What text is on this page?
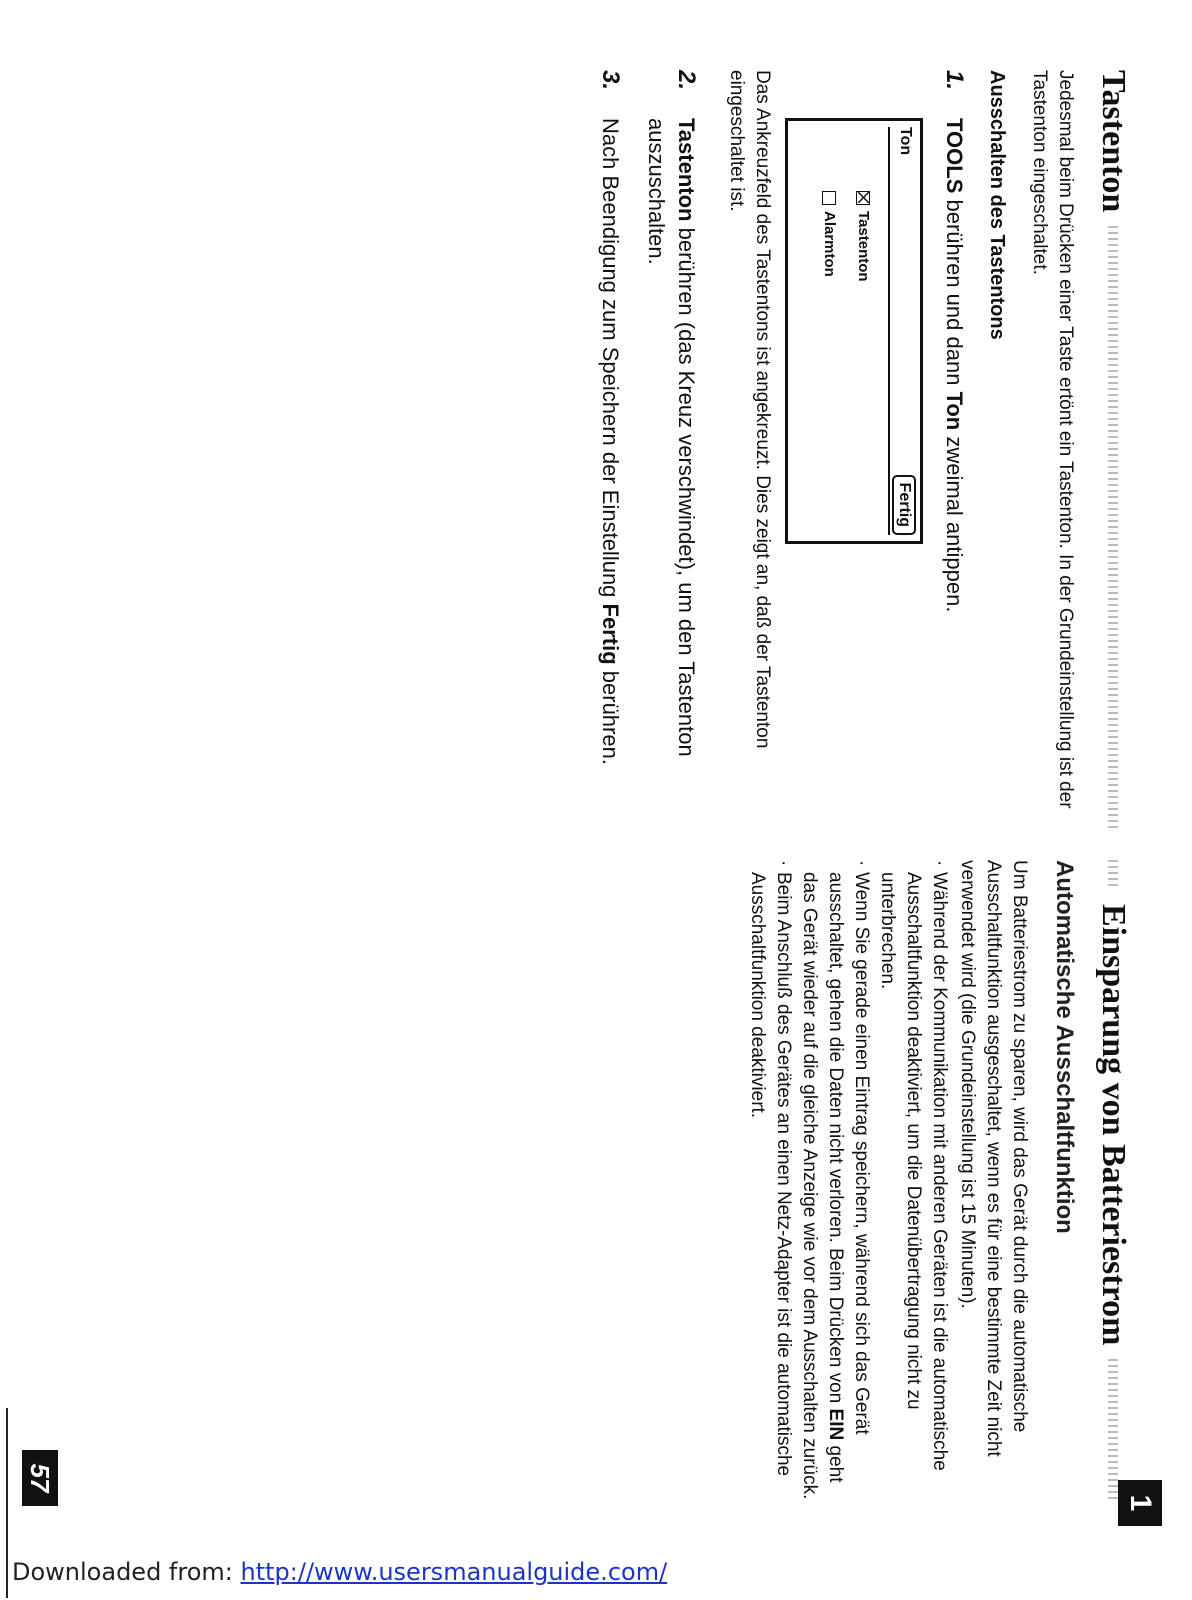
Tastenton

Jedesmal beim Drücken einer Taste ertönt ein Tastenton. In der Grundeinstellung ist der Tastenton eingeschaltet.

Ausschalten des Tastentons

1.
TOOLS berühren und dann Ton zweimal antippen.
Ton
Fertig
Tastenton
Alarmton

Das Ankreuzfeld des Tastentons ist angekreuzt. Dies zeigt an, daß der Tastenton eingeschaltet ist.

2.
Tastenton berühren (das Kreuz verschwindet), um den Tastenton auszuschalten.
3.
Nach Beendigung zum Speichern der Einstellung Fertig berühren.
Einsparung von Batteriestrom

Automatische Ausschaltfunktion

Um Batteriestrom zu sparen, wird das Gerät durch die automatische Ausschaltfunktion ausgeschaltet, wenn es für eine bestimmte Zeit nicht verwendet wird (die Grundeinstellung ist 15 Minuten).

·
Während der Kommunikation mit anderen Geräten ist die automatische Ausschaltfunktion deaktiviert, um die Datenübertragung nicht zu unterbrechen.
·
Wenn Sie gerade einen Eintrag speichern, während sich das Gerät ausschaltet, gehen die Daten nicht verloren. Beim Drücken von EIN geht das Gerät wieder auf die gleiche Anzeige wie vor dem Ausschalten zurück.
·
Beim Anschluß des Gerätes an einen Netz-Adapter ist die automatische Ausschaltfunktion deaktiviert.
1
57
Downloaded from: http://www.usersmanualguide.com/
